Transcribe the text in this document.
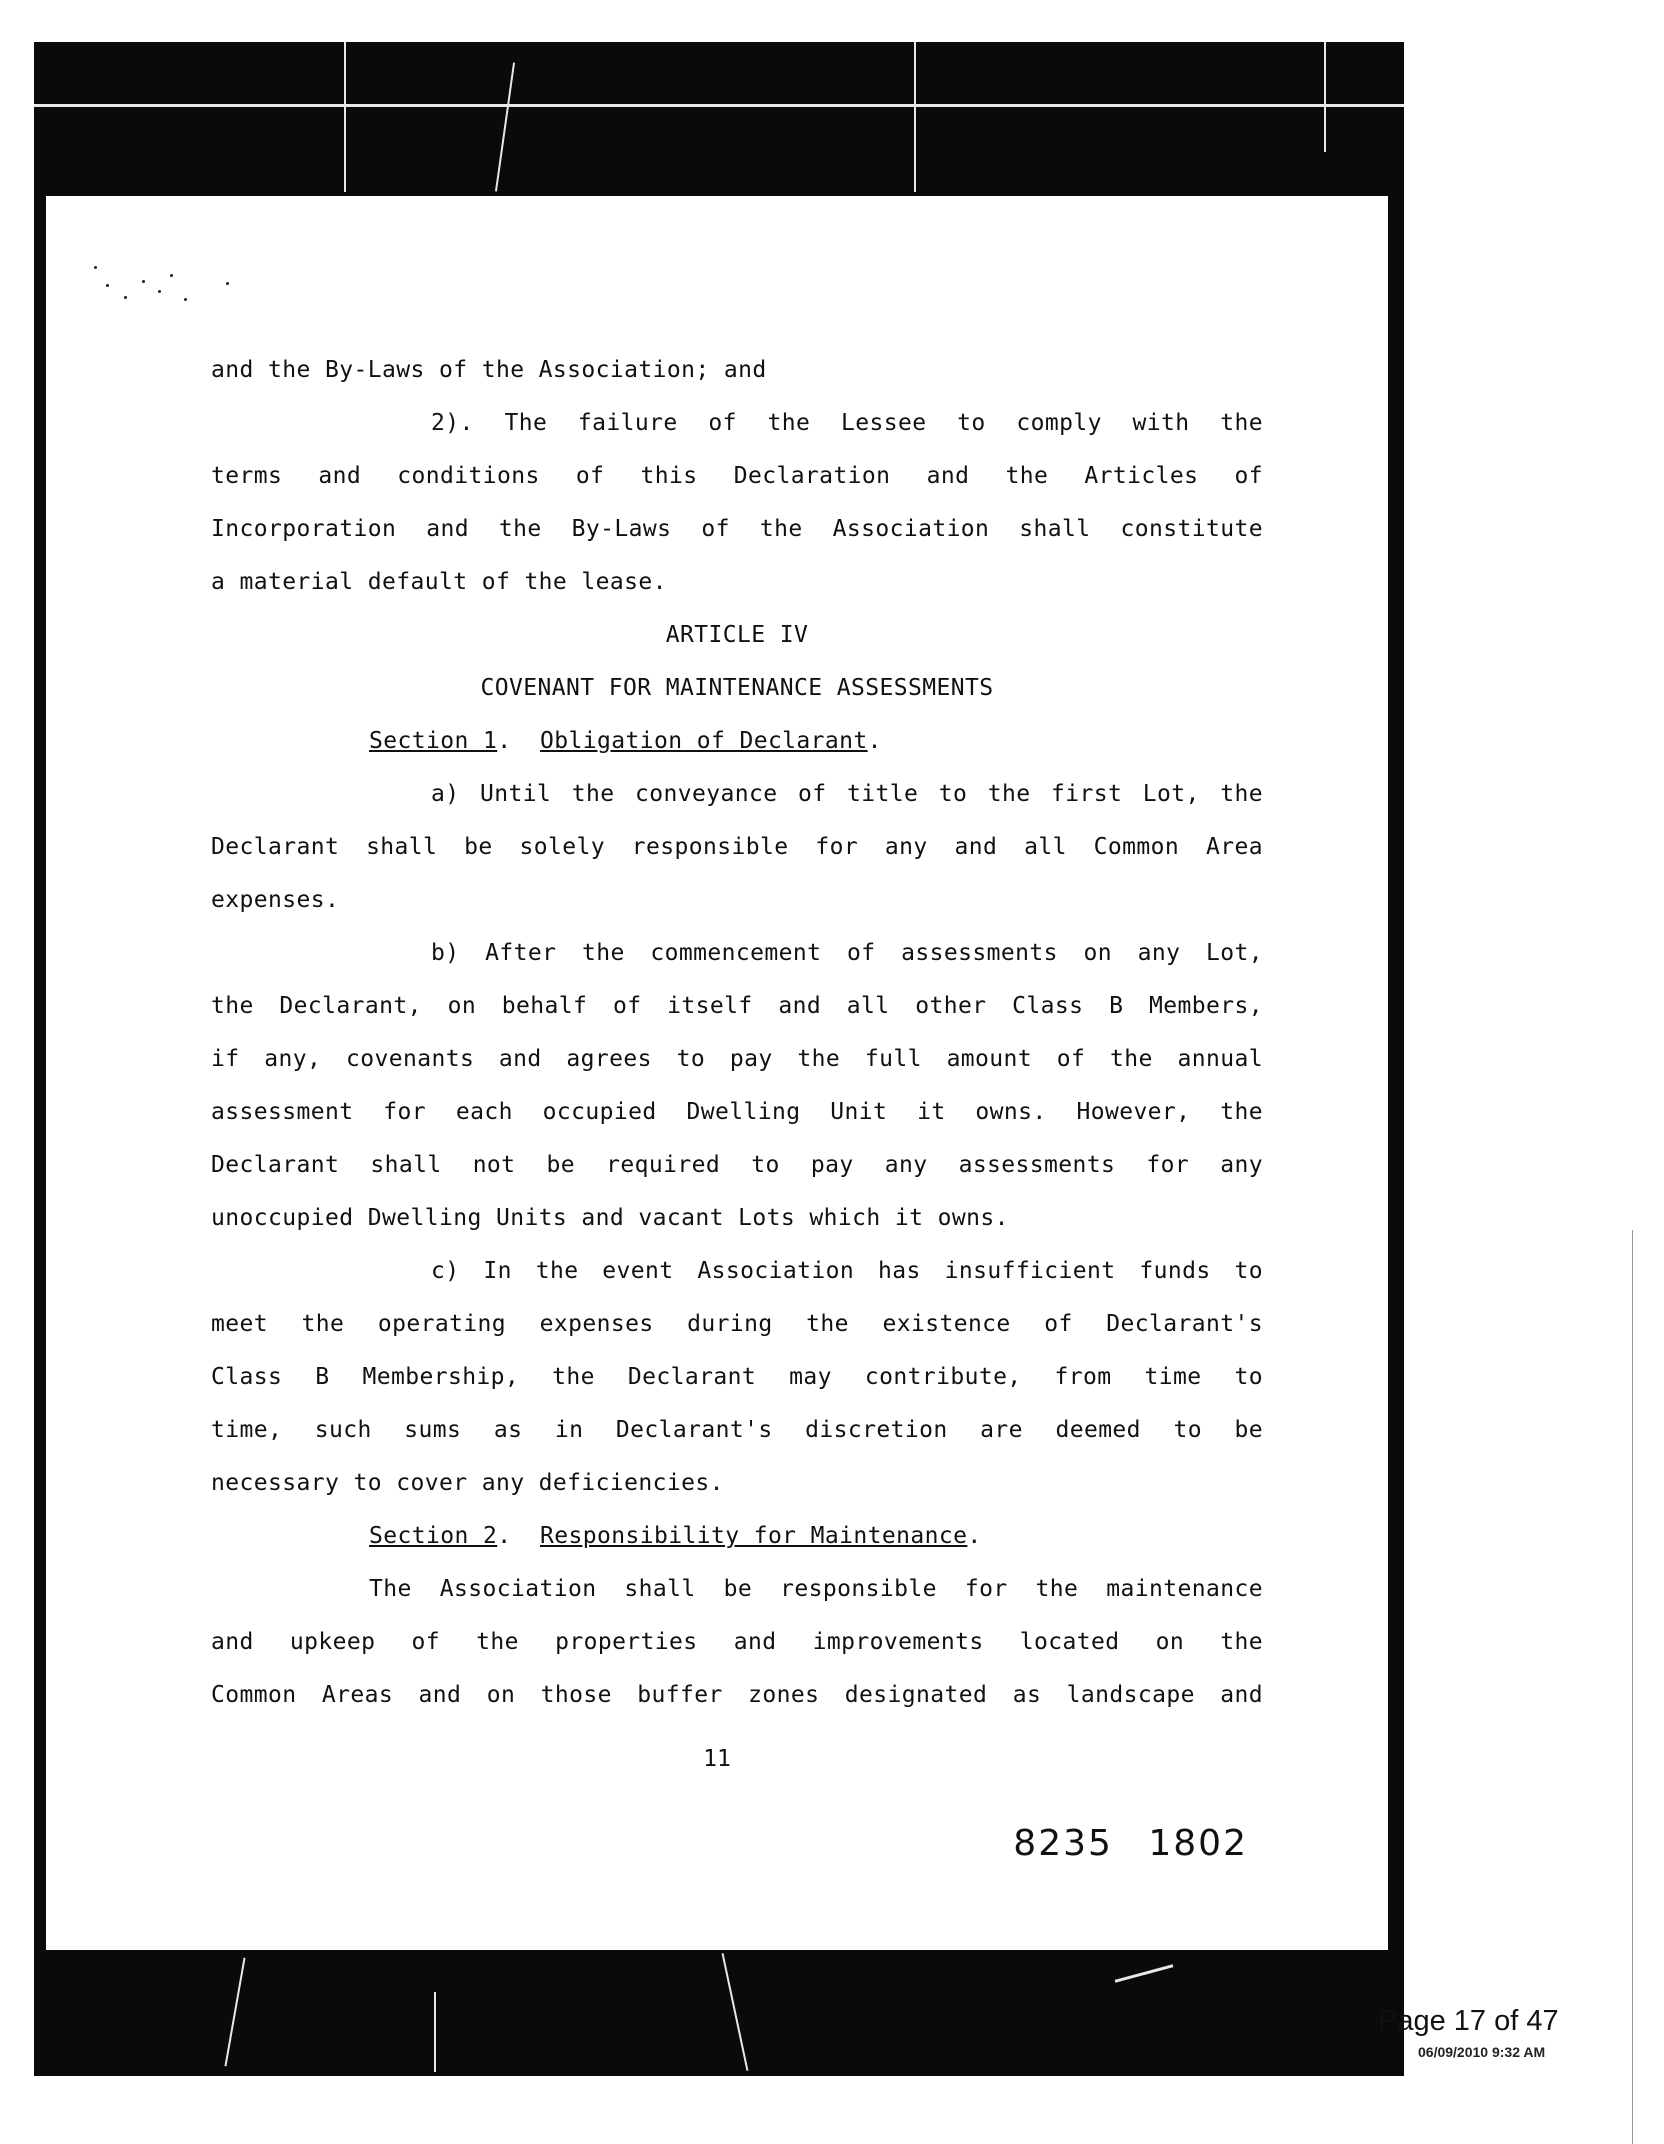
and the By-Laws of the Association; and
2). The failure of the Lessee to comply with the
terms and conditions of this Declaration and the Articles of
Incorporation and the By-Laws of the Association shall constitute
a material default of the lease.
ARTICLE IV
COVENANT FOR MAINTENANCE ASSESSMENTS
Section 1.  Obligation of Declarant.
a) Until the conveyance of title to the first Lot, the
Declarant shall be solely responsible for any and all Common Area
expenses.
b) After the commencement of assessments on any Lot,
the Declarant, on behalf of itself and all other Class B Members,
if any, covenants and agrees to pay the full amount of the annual
assessment for each occupied Dwelling Unit it owns. However, the
Declarant shall not be required to pay any assessments for any
unoccupied Dwelling Units and vacant Lots which it owns.
c) In the event Association has insufficient funds to
meet the operating expenses during the existence of Declarant's
Class B Membership, the Declarant may contribute, from time to
time, such sums as in Declarant's discretion are deemed to be
necessary to cover any deficiencies.
Section 2.  Responsibility for Maintenance.
The Association shall be responsible for the maintenance
and upkeep of the properties and improvements located on the
Common Areas and on those buffer zones designated as landscape and
11
8235 1802
Page 17 of 47
06/09/2010 9:32 AM
